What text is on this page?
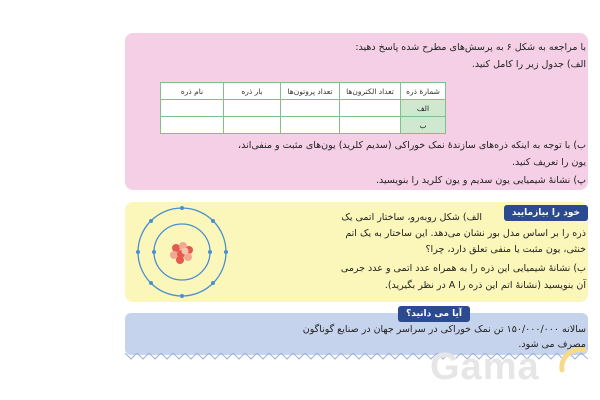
با مراجعه به شکل ۶ به پرسش‌های مطرح شده پاسخ دهید:
الف) جدول زیر را کامل کنید.
شمارهٔ ذره	تعداد الکترون‌ها	تعداد پروتون‌ها	بار ذره	نام ذره
الف				
ب				
ب) با توجه به اینکه ذره‌های سازندهٔ نمک خوراکی (سدیم کلرید) یون‌های مثبت و منفی‌اند،
یون را تعریف کنید.
پ) نشانهٔ شیمیایی یون سدیم و یون کلرید را بنویسید.
خود را بیازمایید
الف) شکل روبه‌رو، ساختار اتمی یک
ذره را بر اساس مدل بور نشان می‌دهد. این ساختار به یک اتم
خنثی، یون مثبت یا منفی تعلق دارد، چرا؟
ب) نشانهٔ شیمیایی این ذره را به همراه عدد اتمی و عدد جرمی
آن بنویسید (نشانهٔ اتم این ذره را A در نظر بگیرید).
آیا می دانید؟
سالانه ۱۵۰/۰۰۰/۰۰۰ تن نمک خوراکی در سراسر جهان در صنایع گوناگون
مصرف می شود.
Gama
